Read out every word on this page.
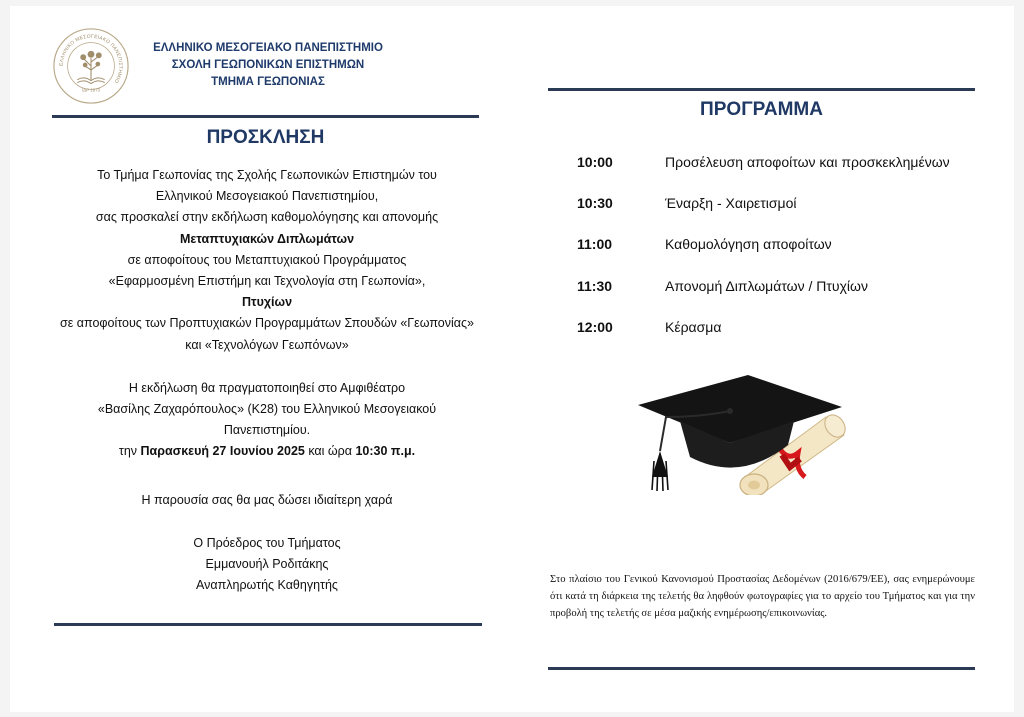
ΕΛΛΗΝΙΚΟ ΜΕΣΟΓΕΙΑΚΟ ΠΑΝΕΠΙΣΤΗΜΙΟ
ΙΔΡ 1973
ΕΛΛΗΝΙΚΟ ΜΕΣΟΓΕΙΑΚΟ ΠΑΝΕΠΙΣΤΗΜΙΟ
ΣΧΟΛΗ ΓΕΩΠΟΝΙΚΩΝ ΕΠΙΣΤΗΜΩΝ
ΤΜΗΜΑ ΓΕΩΠΟΝΙΑΣ
ΠΡΟΣΚΛΗΣΗ
Το Τμήμα Γεωπονίας της Σχολής Γεωπονικών Επιστημών του
Ελληνικού Μεσογειακού Πανεπιστημίου,
σας προσκαλεί στην εκδήλωση καθομολόγησης και απονομής
Μεταπτυχιακών Διπλωμάτων
σε αποφοίτους του Μεταπτυχιακού Προγράμματος
«Εφαρμοσμένη Επιστήμη και Τεχνολογία στη Γεωπονία»,
Πτυχίων
σε αποφοίτους των Προπτυχιακών Προγραμμάτων Σπουδών «Γεωπονίας»
και «Τεχνολόγων Γεωπόνων»
Η εκδήλωση θα πραγματοποιηθεί στο Αμφιθέατρο
«Βασίλης Ζαχαρόπουλος» (Κ28) του Ελληνικού Μεσογειακού
Πανεπιστημίου.
την Παρασκευή 27 Ιουνίου 2025 και ώρα 10:30 π.μ.
Η παρουσία σας θα μας δώσει ιδιαίτερη χαρά
Ο Πρόεδρος του Τμήματος
Εμμανουήλ Ροδιτάκης
Αναπληρωτής Καθηγητής
ΠΡΟΓΡΑΜΜΑ
10:00	Προσέλευση αποφοίτων και προσκεκλημένων
10:30	Έναρξη - Χαιρετισμοί
11:00	Καθομολόγηση αποφοίτων
11:30	Απονομή Διπλωμάτων / Πτυχίων
12:00	Κέρασμα
Στο πλαίσιο του Γενικού Κανονισμού Προστασίας Δεδομένων (2016/679/ΕΕ), σας ενημερώνουμε ότι κατά τη διάρκεια της τελετής θα ληφθούν φωτογραφίες για το αρχείο του Τμήματος και για την προβολή της τελετής σε μέσα μαζικής ενημέρωσης/επικοινωνίας.
